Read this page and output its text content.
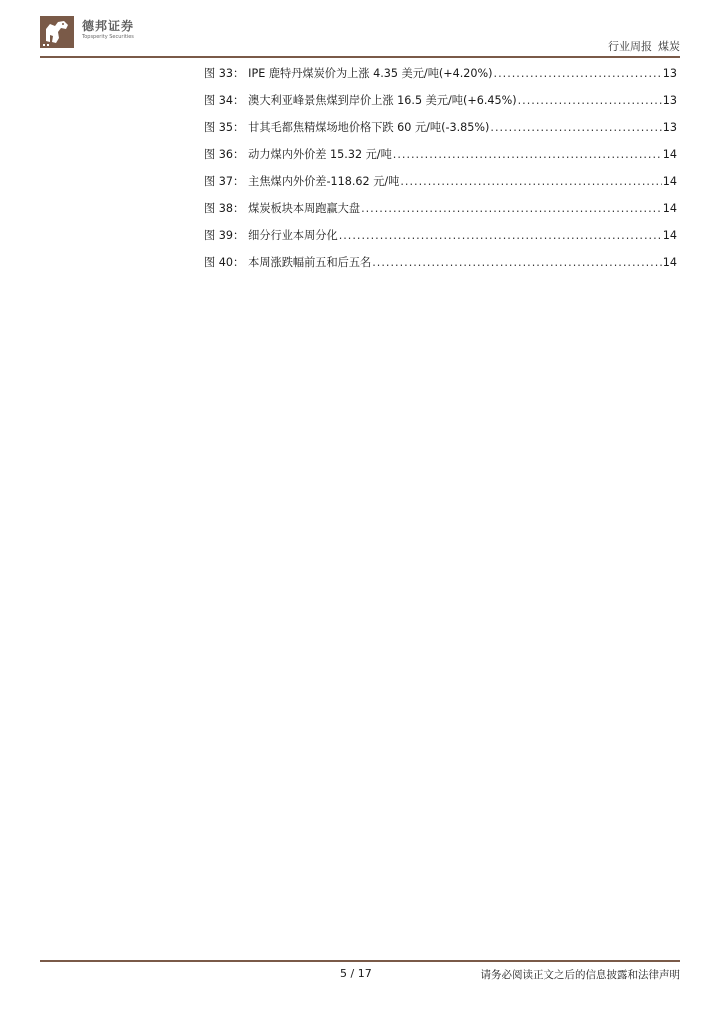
德邦证券
Topsperity Securities
行业周报 煤炭
图 33： IPE 鹿特丹煤炭价为上涨 4.35 美元/吨(+4.20%) .....	13
图 34： 澳大利亚峰景焦煤到岸价上涨 16.5 美元/吨(+6.45%) .....	13
图 35： 甘其毛都焦精煤场地价格下跌 60 元/吨(-3.85%) .....	13
图 36： 动力煤内外价差 15.32 元/吨 .....	14
图 37： 主焦煤内外价差-118.62 元/吨 .....	14
图 38： 煤炭板块本周跑赢大盘 .....	14
图 39： 细分行业本周分化 .....	14
图 40： 本周涨跌幅前五和后五名 .....	14
5 / 17	请务必阅读正文之后的信息披露和法律声明
